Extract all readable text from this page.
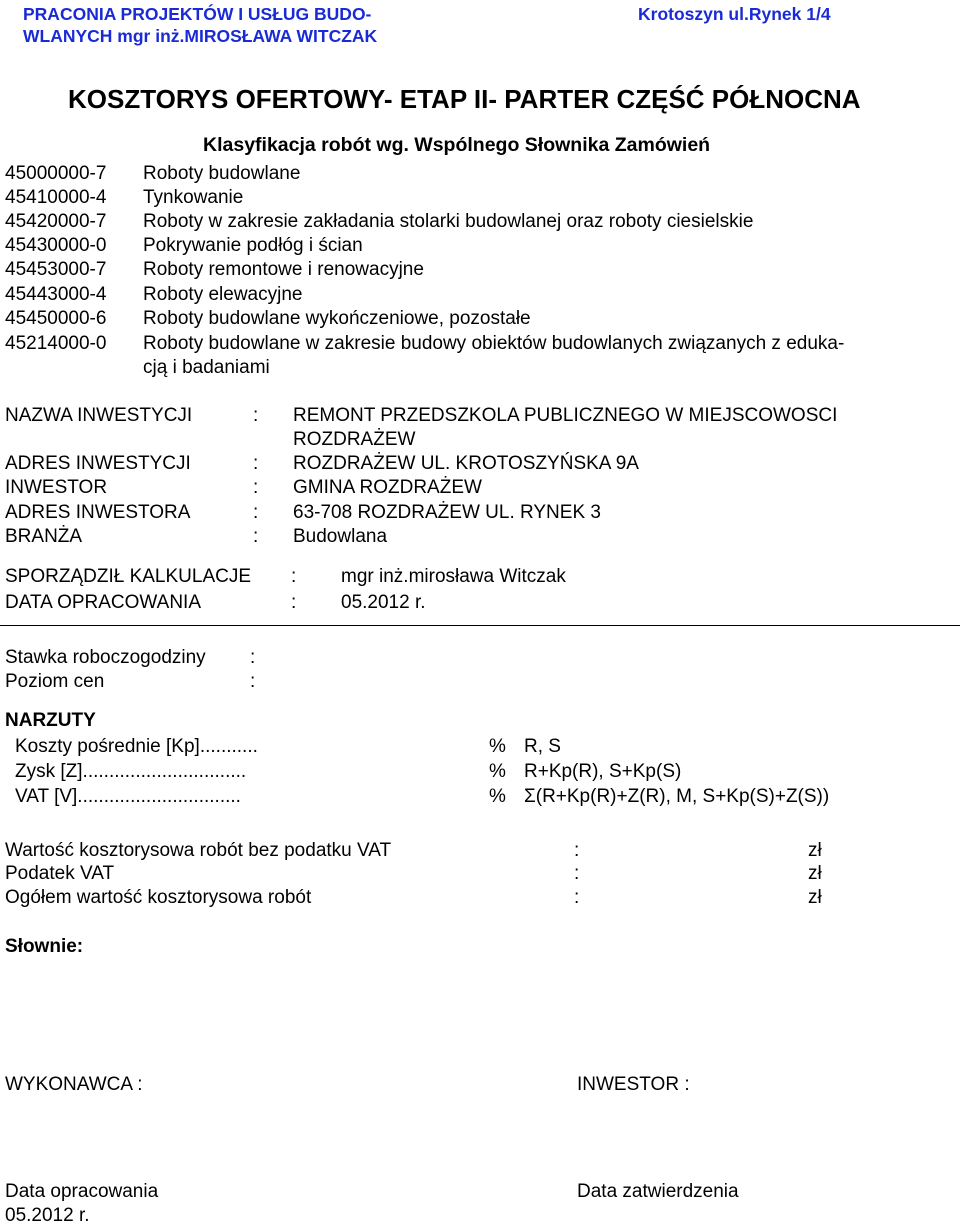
PRACONIA PROJEKTÓW I USŁUG BUDO-
WLANYCH mgr inż.MIROSŁAWA WITCZAK
Krotoszyn ul.Rynek 1/4
KOSZTORYS OFERTOWY- ETAP II- PARTER CZĘŚĆ PÓŁNOCNA
Klasyfikacja robót wg. Wspólnego Słownika Zamówień
45000000-7 Roboty budowlane
45410000-4 Tynkowanie
45420000-7 Roboty w zakresie zakładania stolarki budowlanej oraz roboty ciesielskie
45430000-0 Pokrywanie podłóg i ścian
45453000-7 Roboty remontowe i renowacyjne
45443000-4 Roboty elewacyjne
45450000-6 Roboty budowlane wykończeniowe, pozostałe
45214000-0 Roboty budowlane w zakresie budowy obiektów budowlanych związanych z eduka-
cją i badaniami
NAZWA INWESTYCJI	: REMONT PRZEDSZKOLA PUBLICZNEGO W MIEJSCOWOSCI
ROZDRAŻEW
ADRES INWESTYCJI	: ROZDRAŻEW UL. KROTOSZYŃSKA 9A
INWESTOR	: GMINA ROZDRAŻEW
ADRES INWESTORA	: 63-708 ROZDRAŻEW UL. RYNEK 3
BRANŻA	: Budowlana
SPORZĄDZIŁ KALKULACJE : mgr inż.mirosława Witczak
DATA OPRACOWANIA	: 05.2012 r.
Stawka roboczogodziny :
Poziom cen	:
NARZUTY
Koszty pośrednie [Kp]...........	% R, S
Zysk [Z]...............................	% R+Kp(R), S+Kp(S)
VAT [V]...............................	% Σ(R+Kp(R)+Z(R), M, S+Kp(S)+Z(S))
Wartość kosztorysowa robót bez podatku VAT	:	zł
Podatek VAT	:	zł
Ogółem wartość kosztorysowa robót	:	zł
Słownie:
WYKONAWCA :	INWESTOR :
Data opracowania	Data zatwierdzenia
05.2012 r.
